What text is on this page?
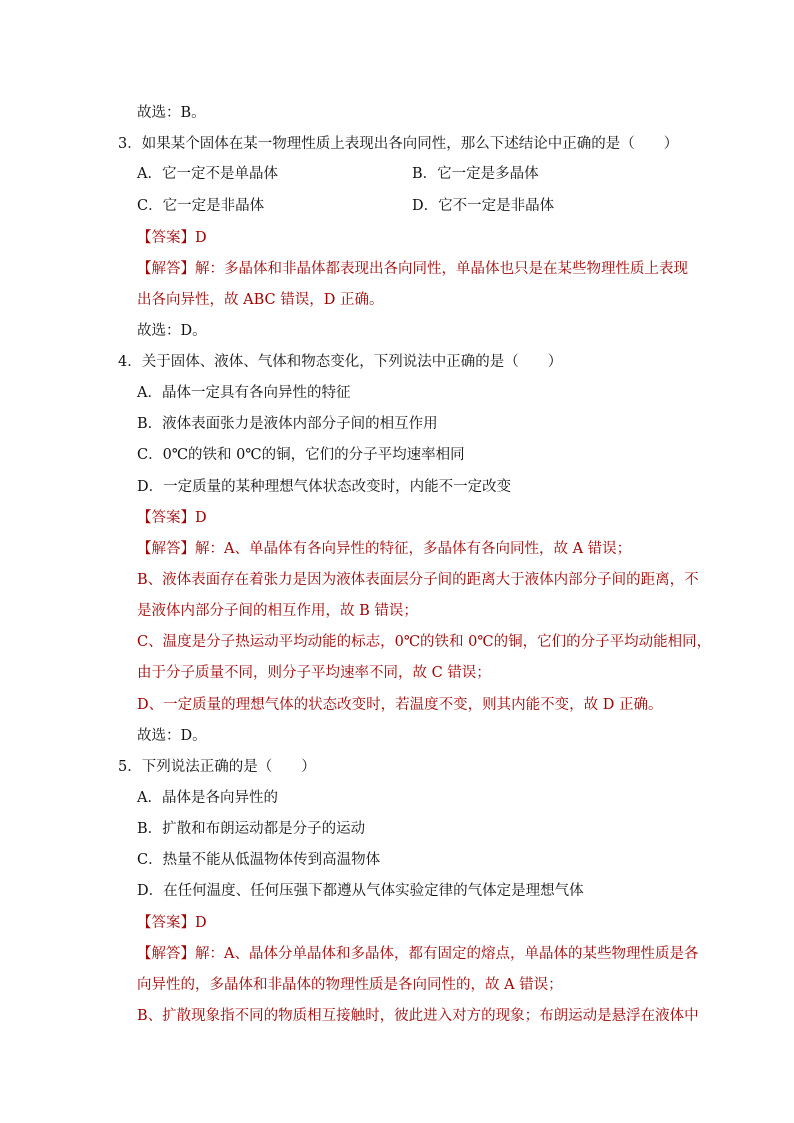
故选：B。
3．如果某个固体在某一物理性质上表现出各向同性，那么下述结论中正确的是（　　）
A．它一定不是单晶体	B．它一定是多晶体
C．它一定是非晶体	D．它不一定是非晶体
【答案】D
【解答】解：多晶体和非晶体都表现出各向同性，单晶体也只是在某些物理性质上表现
出各向异性，故 ABC 错误，D 正确。
故选：D。
4．关于固体、液体、气体和物态变化，下列说法中正确的是（　　）
A．晶体一定具有各向异性的特征
B．液体表面张力是液体内部分子间的相互作用
C．0℃的铁和 0℃的铜，它们的分子平均速率相同
D．一定质量的某种理想气体状态改变时，内能不一定改变
【答案】D
【解答】解：A、单晶体有各向异性的特征，多晶体有各向同性，故 A 错误；
B、液体表面存在着张力是因为液体表面层分子间的距离大于液体内部分子间的距离，不
是液体内部分子间的相互作用，故 B 错误；
C、温度是分子热运动平均动能的标志，0℃的铁和 0℃的铜，它们的分子平均动能相同，
由于分子质量不同，则分子平均速率不同，故 C 错误；
D、一定质量的理想气体的状态改变时，若温度不变，则其内能不变，故 D 正确。
故选：D。
5．下列说法正确的是（　　）
A．晶体是各向异性的
B．扩散和布朗运动都是分子的运动
C．热量不能从低温物体传到高温物体
D．在任何温度、任何压强下都遵从气体实验定律的气体定是理想气体
【答案】D
【解答】解：A、晶体分单晶体和多晶体，都有固定的熔点，单晶体的某些物理性质是各
向异性的，多晶体和非晶体的物理性质是各向同性的，故 A 错误；
B、扩散现象指不同的物质相互接触时，彼此进入对方的现象；布朗运动是悬浮在液体中
